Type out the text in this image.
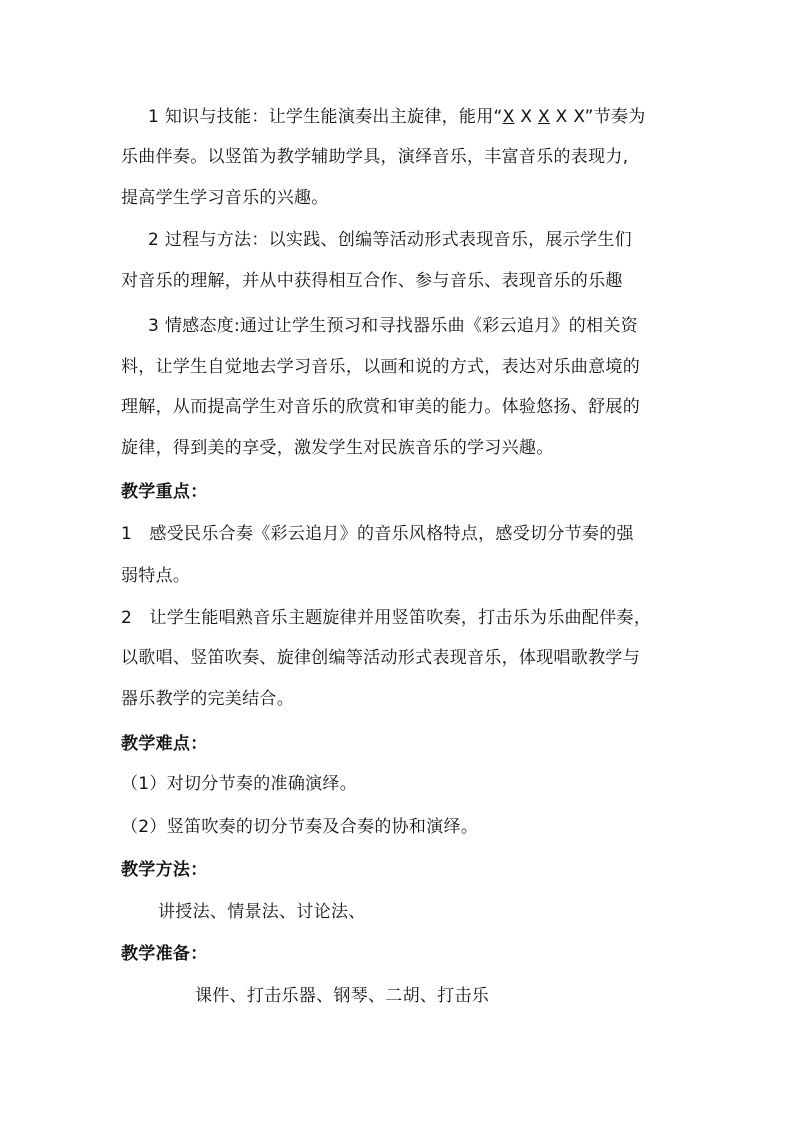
1 知识与技能：让学生能演奏出主旋律，能用“X X X X X”节奏为
乐曲伴奏。以竖笛为教学辅助学具，演绎音乐，丰富音乐的表现力,
提高学生学习音乐的兴趣。
2 过程与方法：以实践、创编等活动形式表现音乐，展示学生们
对音乐的理解，并从中获得相互合作、参与音乐、表现音乐的乐趣
3 情感态度:通过让学生预习和寻找器乐曲《彩云追月》的相关资
料，让学生自觉地去学习音乐，以画和说的方式，表达对乐曲意境的
理解，从而提高学生对音乐的欣赏和审美的能力。体验悠扬、舒展的
旋律，得到美的享受，激发学生对民族音乐的学习兴趣。
教学重点：
1　感受民乐合奏《彩云追月》的音乐风格特点，感受切分节奏的强
弱特点。
2　让学生能唱熟音乐主题旋律并用竖笛吹奏，打击乐为乐曲配伴奏，
以歌唱、竖笛吹奏、旋律创编等活动形式表现音乐，体现唱歌教学与
器乐教学的完美结合。
教学难点：
（1）对切分节奏的准确演绎。
（2）竖笛吹奏的切分节奏及合奏的协和演绎。
教学方法：
讲授法、情景法、讨论法、
教学准备：
课件、打击乐器、钢琴、二胡、打击乐
